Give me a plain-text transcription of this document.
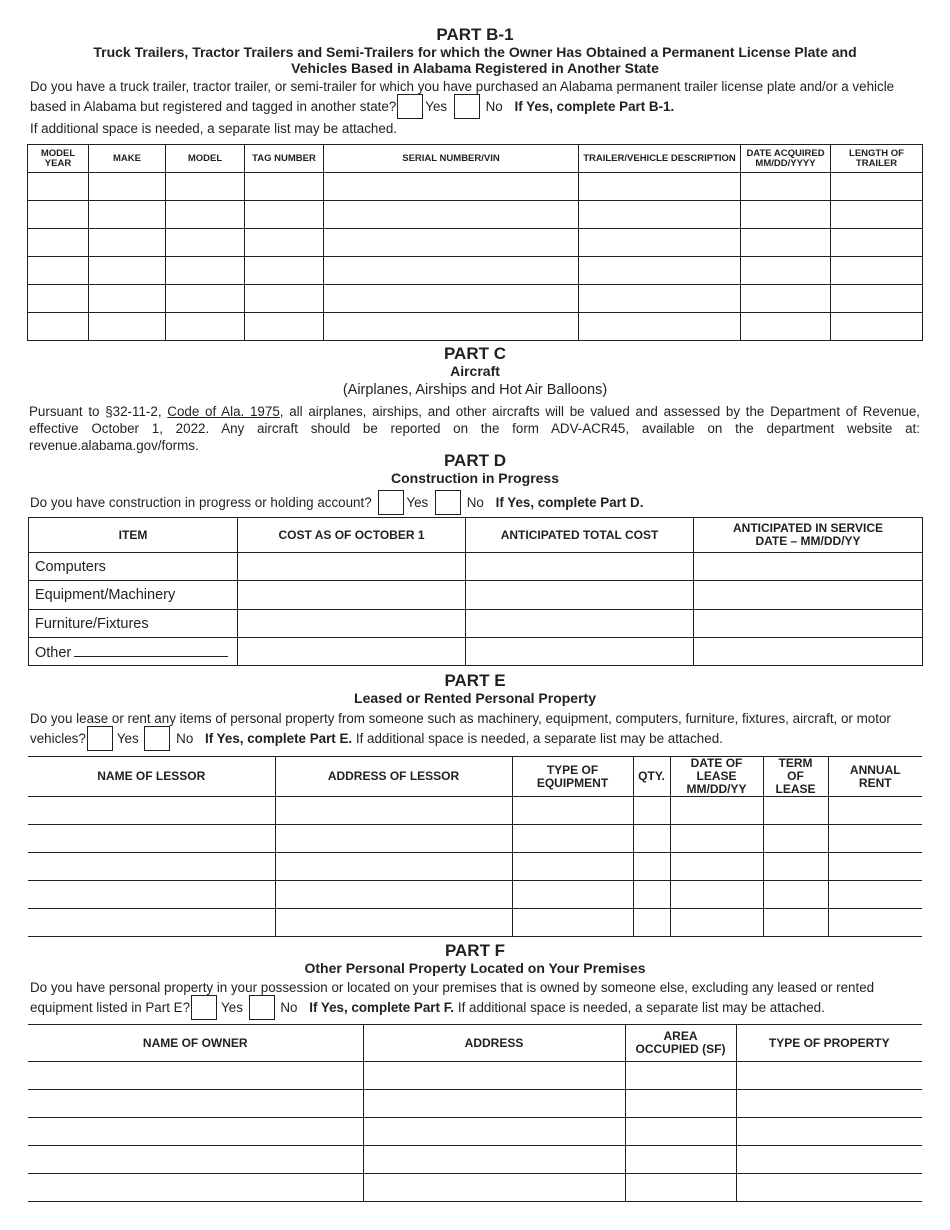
PART B-1
Truck Trailers, Tractor Trailers and Semi-Trailers for which the Owner Has Obtained a Permanent License Plate and
Vehicles Based in Alabama Registered in Another State
Do you have a truck trailer, tractor trailer, or semi-trailer for which you have purchased an Alabama permanent trailer license plate and/or a vehicle
based in Alabama but registered and tagged in another state? Yes	No If Yes, complete Part B-1.
If additional space is needed, a separate list may be attached.
MODEL YEAR	MAKE	MODEL	TAG NUMBER	SERIAL NUMBER/VIN	TRAILER/VEHICLE DESCRIPTION	DATE ACQUIRED MM/DD/YYYY	LENGTH OF TRAILER

PART C
Aircraft
(Airplanes, Airships and Hot Air Balloons)
Pursuant to §32-11-2, Code of Ala. 1975, all airplanes, airships, and other aircrafts will be valued and assessed by the Department of Revenue,
effective October 1, 2022. Any aircraft should be reported on the form ADV-ACR45, available on the department website at:
revenue.alabama.gov/forms.
PART D
Construction in Progress
Do you have construction in progress or holding account?	Yes	No If Yes, complete Part D.
ITEM	COST AS OF OCTOBER 1	ANTICIPATED TOTAL COST	ANTICIPATED IN SERVICE DATE – MM/DD/YY
Computers			
Equipment/Machinery			
Furniture/Fixtures			
Other			
PART E
Leased or Rented Personal Property
Do you lease or rent any items of personal property from someone such as machinery, equipment, computers, furniture, fixtures, aircraft, or motor
vehicles? Yes	No If Yes, complete Part E. If additional space is needed, a separate list may be attached.
NAME OF LESSOR	ADDRESS OF LESSOR	TYPE OF EQUIPMENT	QTY.	DATE OF LEASE MM/DD/YY	TERM OF LEASE	ANNUAL RENT

PART F
Other Personal Property Located on Your Premises
Do you have personal property in your possession or located on your premises that is owned by someone else, excluding any leased or rented
equipment listed in Part E? Yes	No If Yes, complete Part F. If additional space is needed, a separate list may be attached.
NAME OF OWNER	ADDRESS	AREA OCCUPIED (SF)	TYPE OF PROPERTY
